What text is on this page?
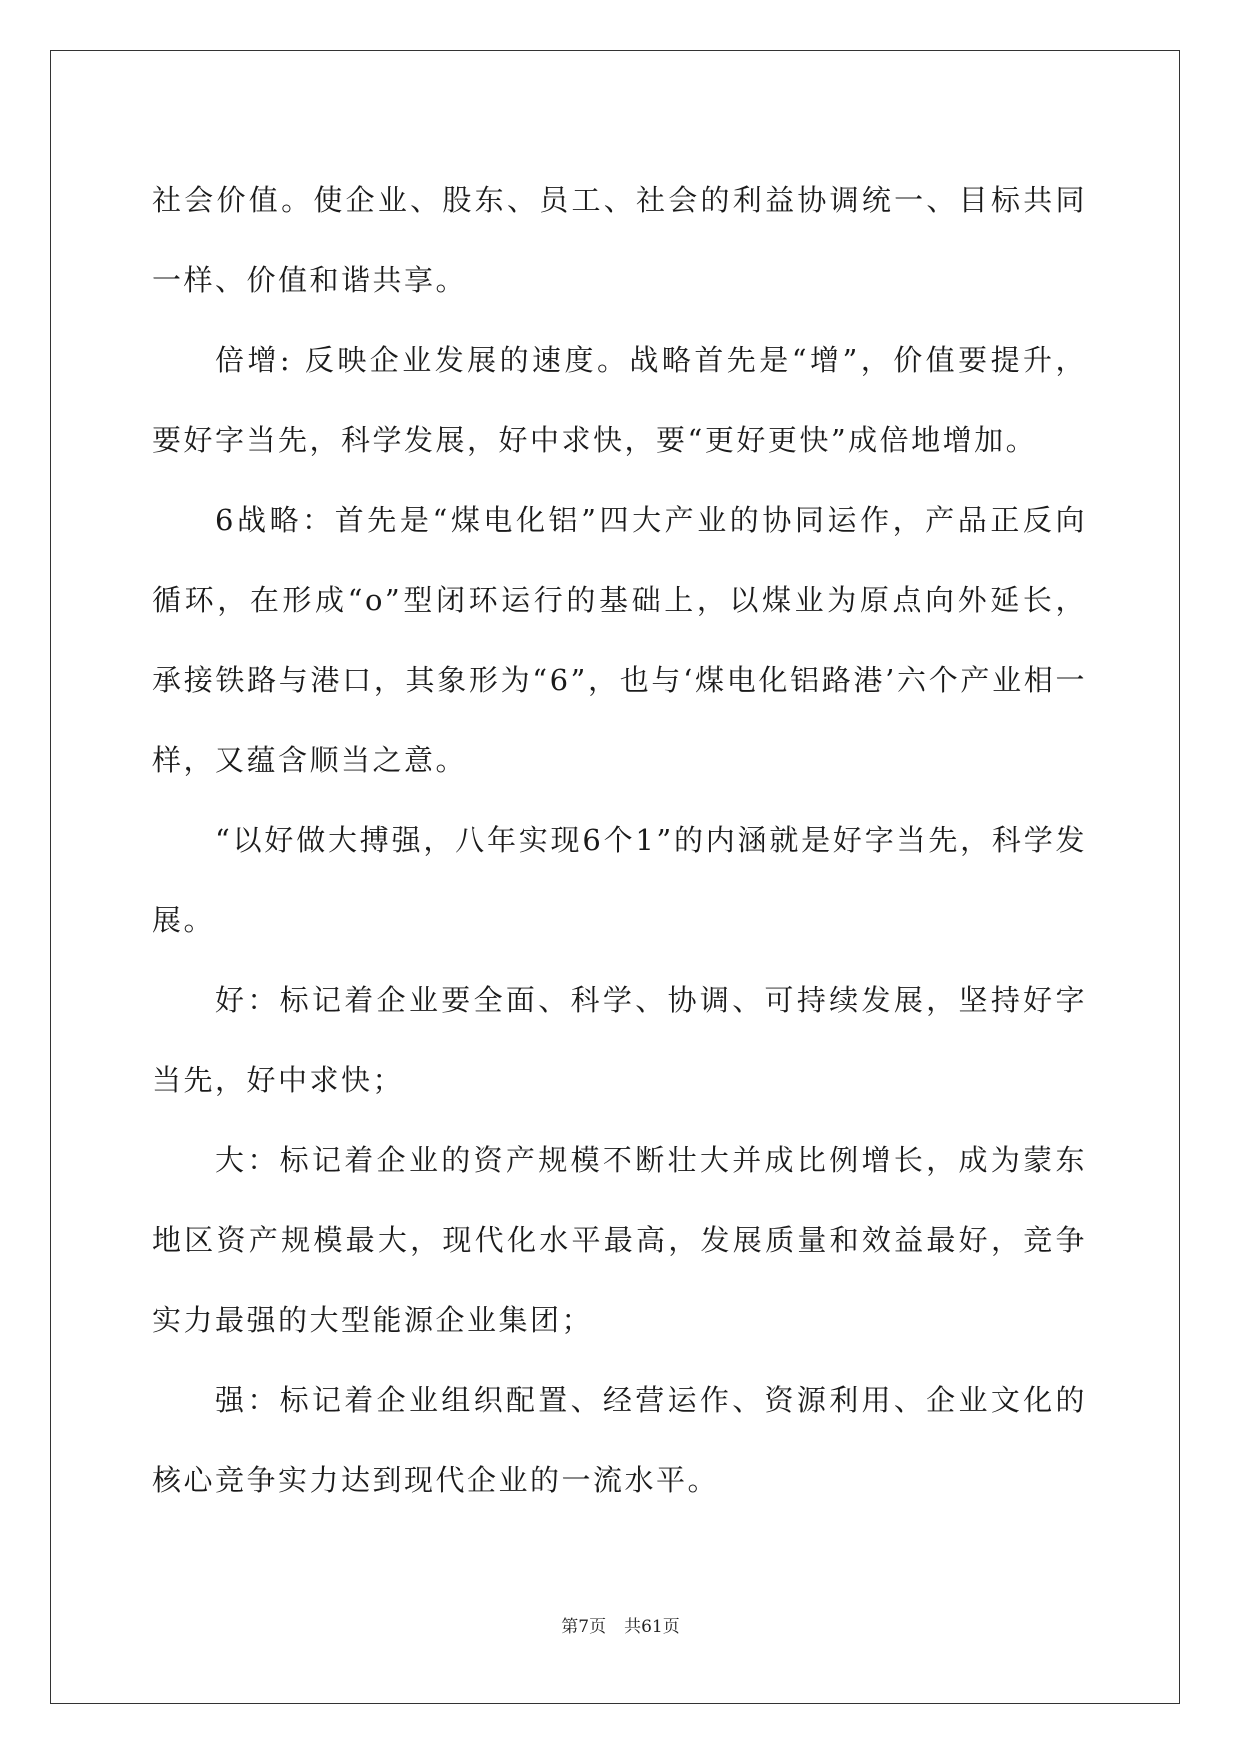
社会价值。使企业、股东、员工、社会的利益协调统一、目标共同一样、价值和谐共享。

倍增: 反映企业发展的速度。战略首先是“增”，价值要提升，要好字当先，科学发展，好中求快，要“更好更快”成倍地增加。

6战略：首先是“煤电化铝”四大产业的协同运作，产品正反向循环，在形成“o”型闭环运行的基础上，以煤业为原点向外延长，承接铁路与港口，其象形为“6”，也与‘煤电化铝路港’六个产业相一样，又蕴含顺当之意。

“以好做大搏强，八年实现6个1”的内涵就是好字当先，科学发展。

好：标记着企业要全面、科学、协调、可持续发展，坚持好字当先，好中求快；

大：标记着企业的资产规模不断壮大并成比例增长，成为蒙东地区资产规模最大，现代化水平最高，发展质量和效益最好，竞争实力最强的大型能源企业集团；

强：标记着企业组织配置、经营运作、资源利用、企业文化的核心竞争实力达到现代企业的一流水平。

第7页 共61页
